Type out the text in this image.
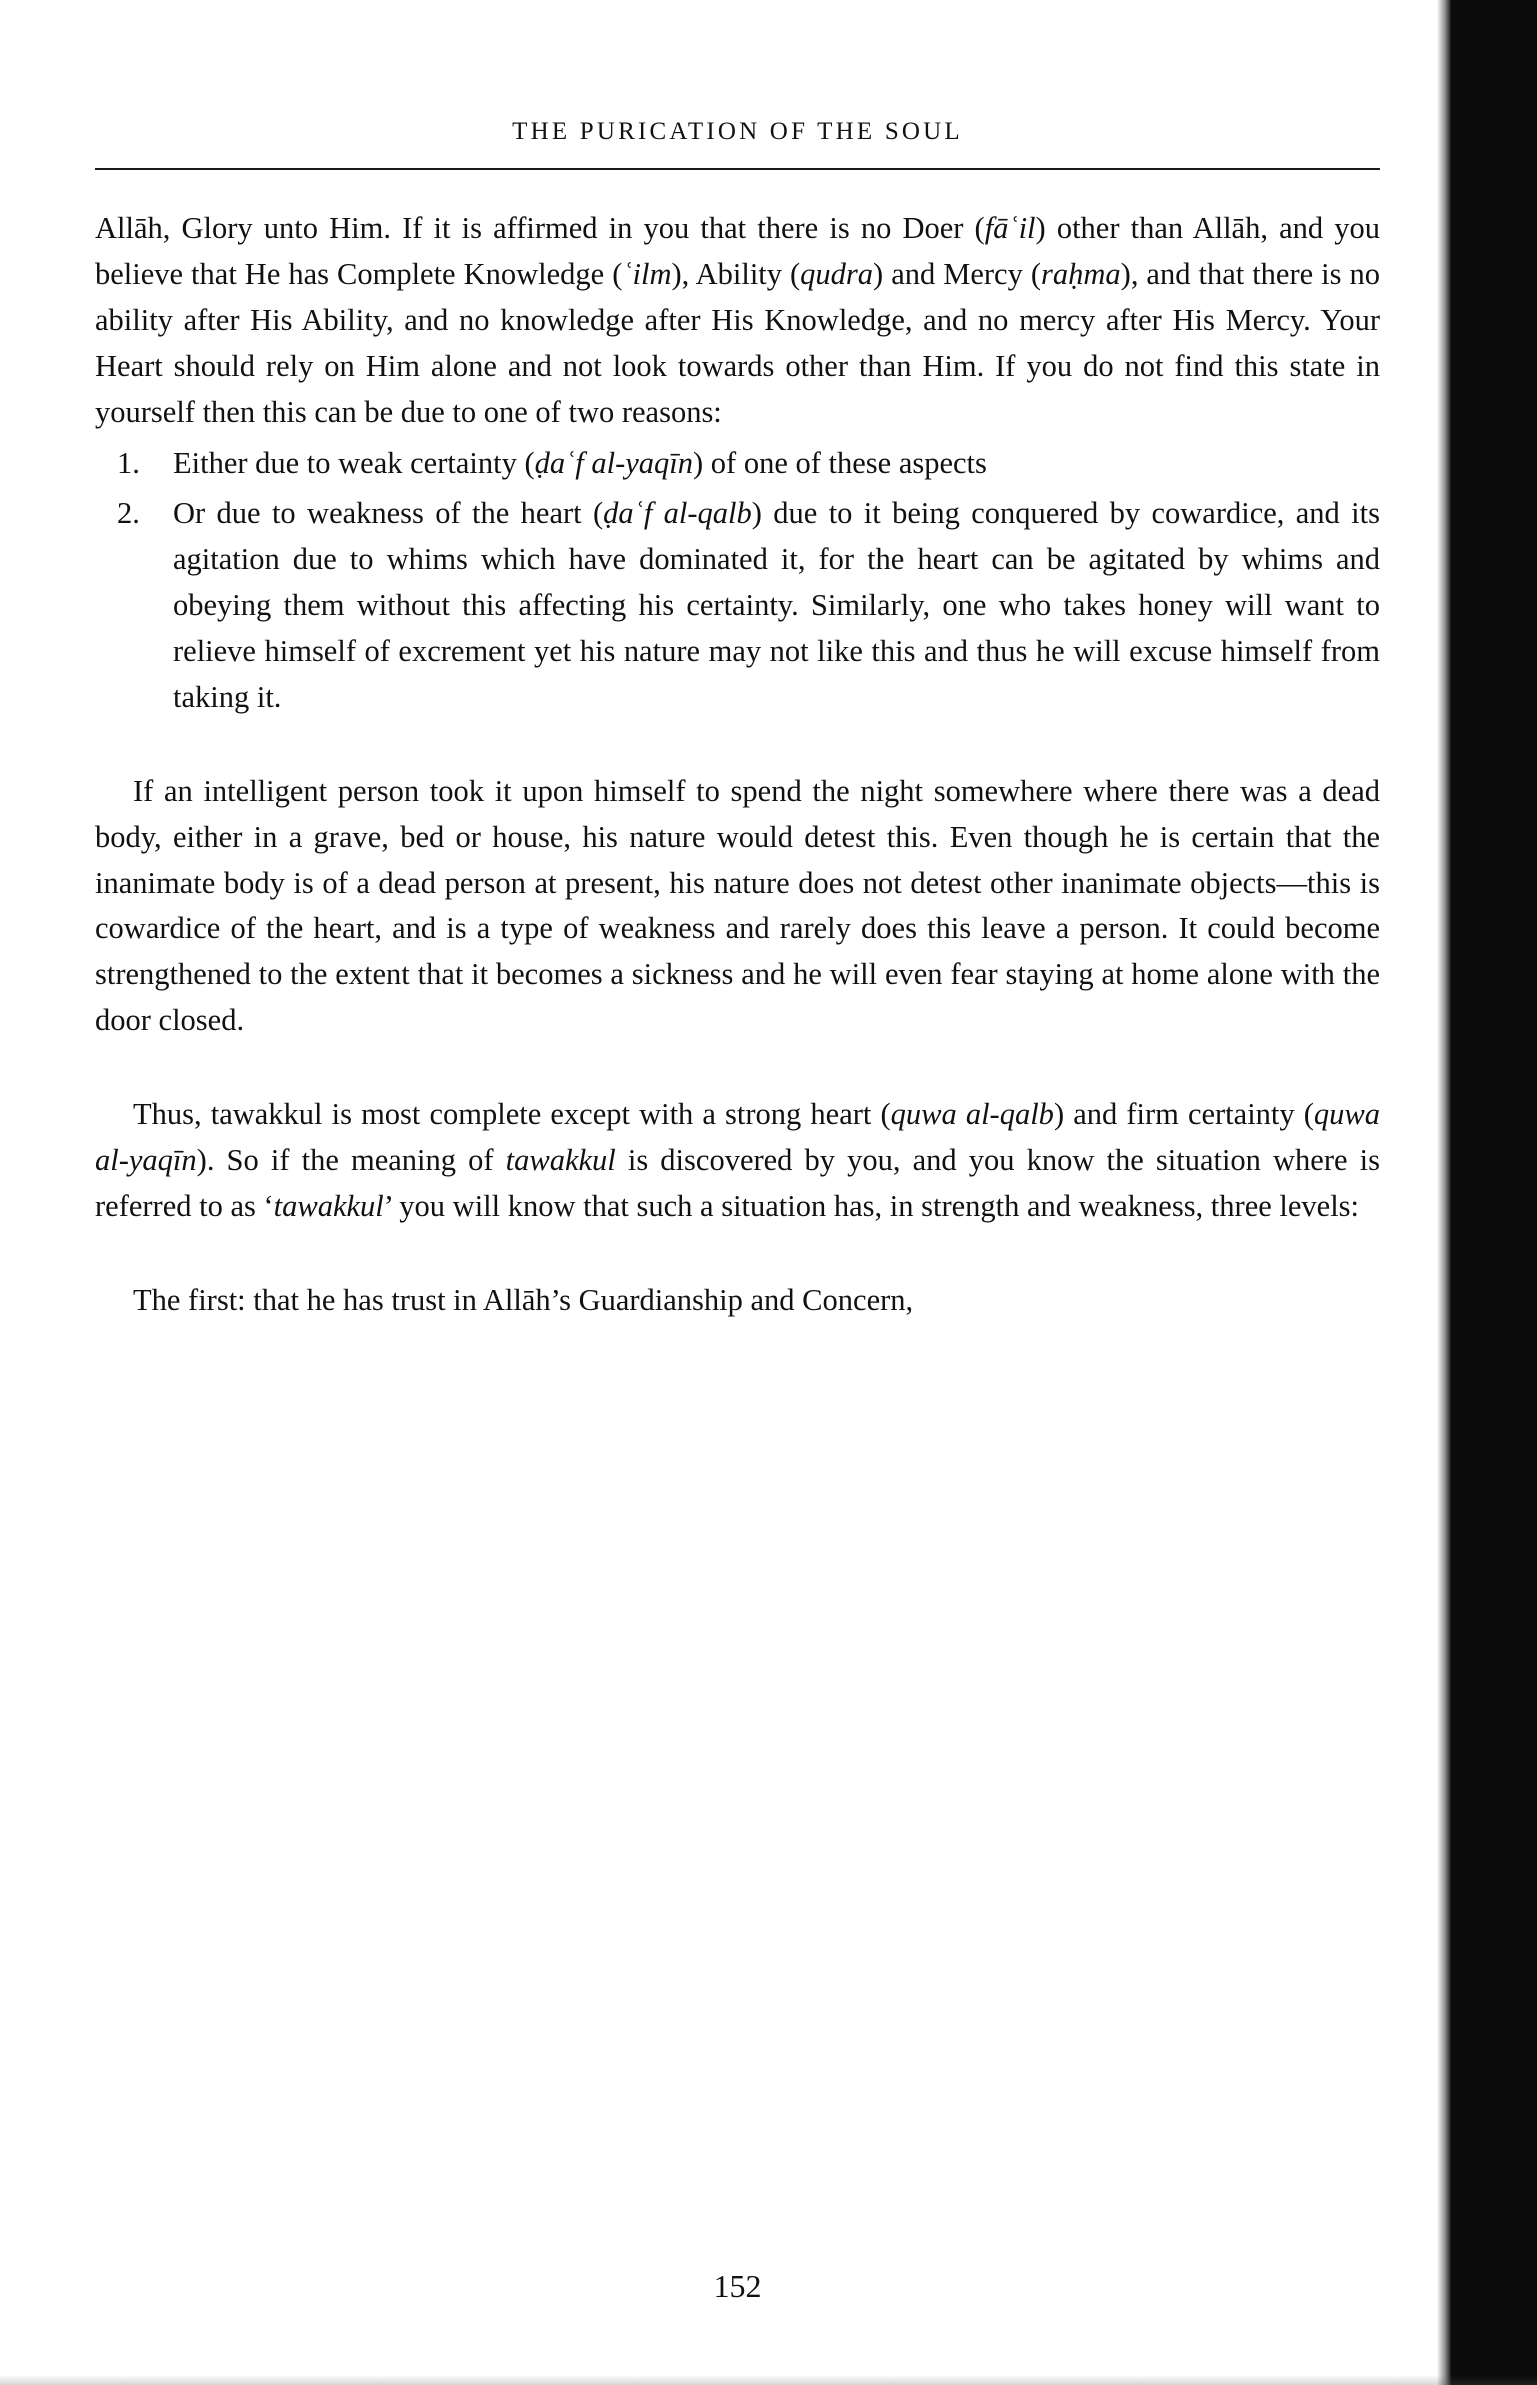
THE PURICATION OF THE SOUL

Allāh, Glory unto Him. If it is affirmed in you that there is no Doer (fāʿil) other than Allāh, and you believe that He has Complete Knowledge (ʿilm), Ability (qudra) and Mercy (raḥma), and that there is no ability after His Ability, and no knowledge after His Knowledge, and no mercy after His Mercy. Your Heart should rely on Him alone and not look towards other than Him. If you do not find this state in yourself then this can be due to one of two reasons:

1.	Either due to weak certainty (ḍaʿf al-yaqīn) of one of these aspects
2.	Or due to weakness of the heart (ḍaʿf al-qalb) due to it being conquered by cowardice, and its agitation due to whims which have dominated it, for the heart can be agitated by whims and obeying them without this affecting his certainty. Similarly, one who takes honey will want to relieve himself of excrement yet his nature may not like this and thus he will excuse himself from taking it.

If an intelligent person took it upon himself to spend the night somewhere where there was a dead body, either in a grave, bed or house, his nature would detest this. Even though he is certain that the inanimate body is of a dead person at present, his nature does not detest other inanimate objects—this is cowardice of the heart, and is a type of weakness and rarely does this leave a person. It could become strengthened to the extent that it becomes a sickness and he will even fear staying at home alone with the door closed.

Thus, tawakkul is most complete except with a strong heart (quwa al-qalb) and firm certainty (quwa al-yaqīn). So if the meaning of tawakkul is discovered by you, and you know the situation where is referred to as ‘tawakkul’ you will know that such a situation has, in strength and weakness, three levels:

The first: that he has trust in Allāh’s Guardianship and Concern,

152
